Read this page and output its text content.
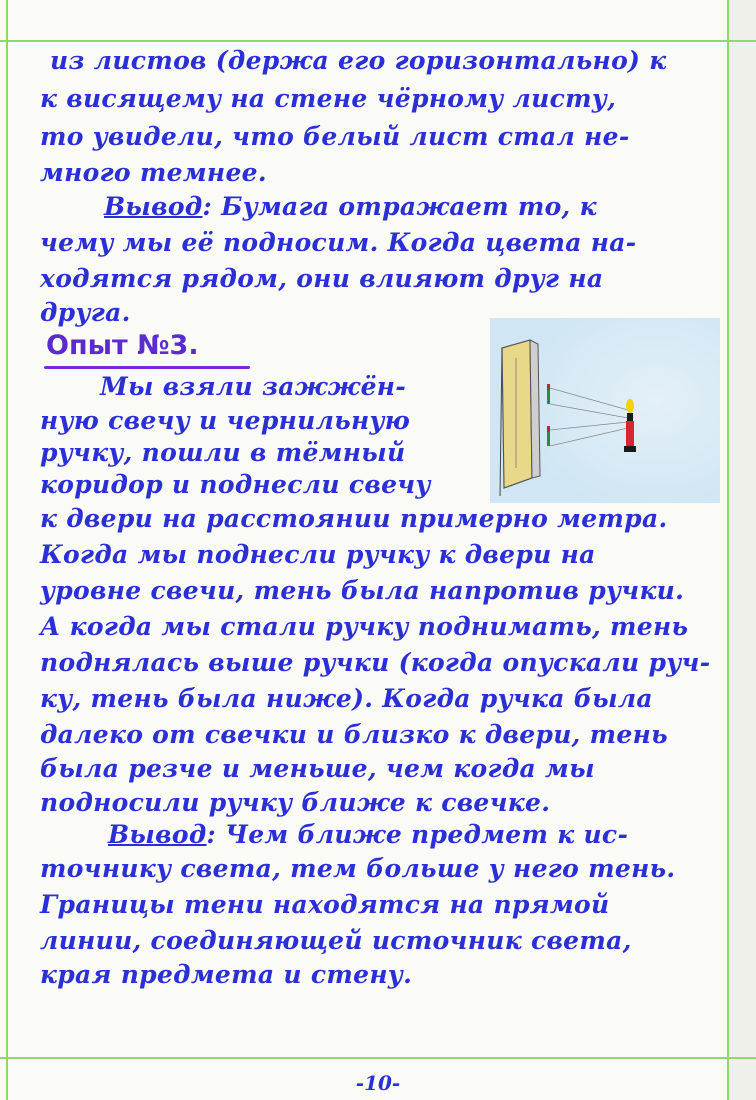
из листов (держа его горизонтально) к
к висящему на стене чёрному листу,
то увидели, что белый лист стал не-
много темнее.
Вывод: Бумага отражает то, к
чему мы её подносим. Когда цвета на-
ходятся рядом, они влияют друг на
друга.
Опыт №3.
Мы взяли зажжён-
ную свечу и чернильную
ручку, пошли в тёмный
коридор и поднесли свечу
к двери на расстоянии примерно метра.
Когда мы поднесли ручку к двери на
уровне свечи, тень была напротив ручки.
А когда мы стали ручку поднимать, тень
поднялась выше ручки (когда опускали руч-
ку, тень была ниже). Когда ручка была
далеко от свечки и близко к двери, тень
была резче и меньше, чем когда мы
подносили ручку ближе к свечке.
Вывод: Чем ближе предмет к ис-
точнику света, тем больше у него тень.
Границы тени находятся на прямой
линии, соединяющей источник света,
края предмета и стену.
-10-
